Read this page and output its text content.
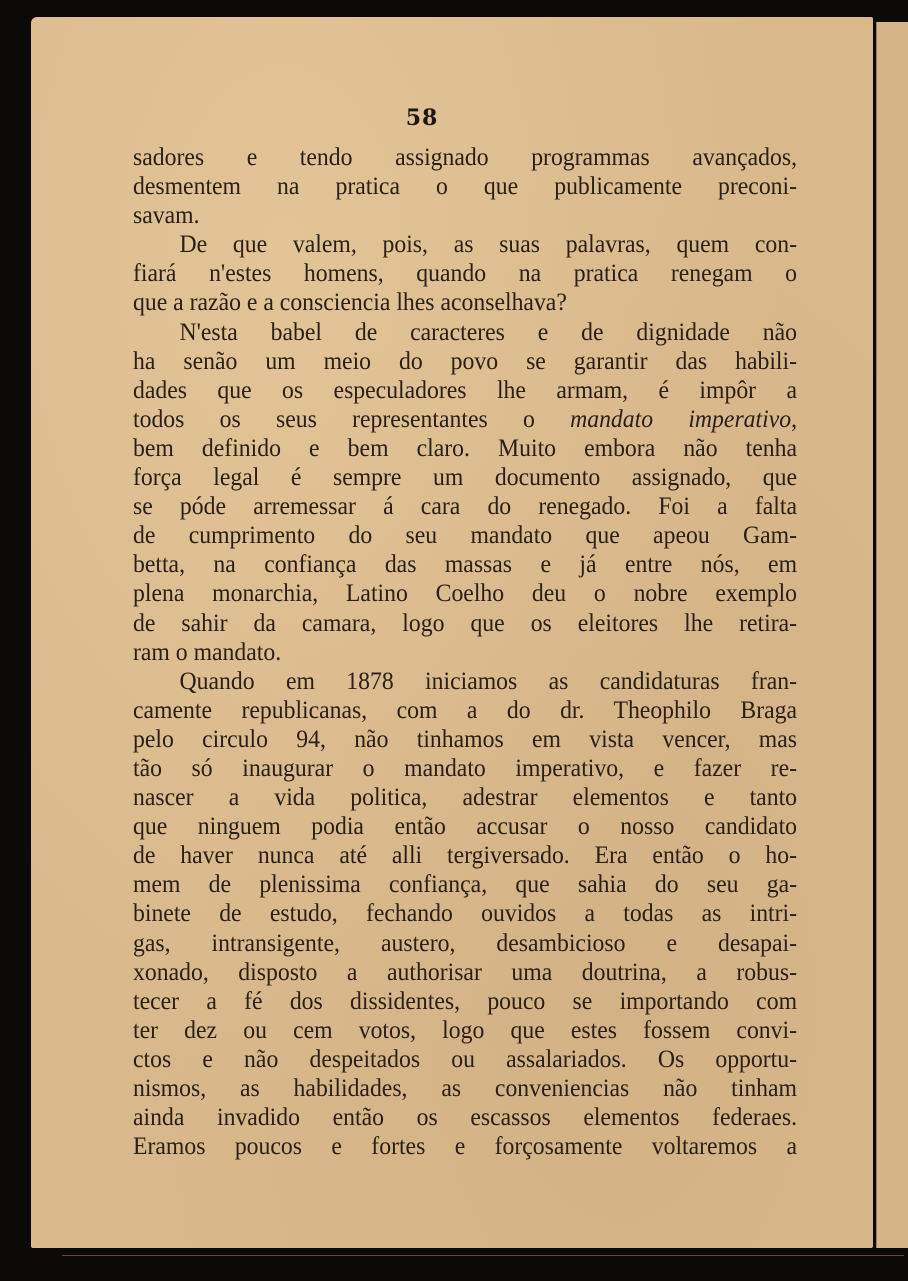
58
sadores e tendo assignado programmas avançados,
desmentem na pratica o que publicamente preconi-
savam.
De que valem, pois, as suas palavras, quem con-
fiará n'estes homens, quando na pratica renegam o
que a razão e a consciencia lhes aconselhava?
N'esta babel de caracteres e de dignidade não
ha senão um meio do povo se garantir das habili-
dades que os especuladores lhe armam, é impôr a
todos os seus representantes o mandato imperativo,
bem definido e bem claro. Muito embora não tenha
força legal é sempre um documento assignado, que
se póde arremessar á cara do renegado. Foi a falta
de cumprimento do seu mandato que apeou Gam-
betta, na confiança das massas e já entre nós, em
plena monarchia, Latino Coelho deu o nobre exemplo
de sahir da camara, logo que os eleitores lhe retira-
ram o mandato.
Quando em 1878 iniciamos as candidaturas fran-
camente republicanas, com a do dr. Theophilo Braga
pelo circulo 94, não tinhamos em vista vencer, mas
tão só inaugurar o mandato imperativo, e fazer re-
nascer a vida politica, adestrar elementos e tanto
que ninguem podia então accusar o nosso candidato
de haver nunca até alli tergiversado. Era então o ho-
mem de plenissima confiança, que sahia do seu ga-
binete de estudo, fechando ouvidos a todas as intri-
gas, intransigente, austero, desambicioso e desapai-
xonado, disposto a authorisar uma doutrina, a robus-
tecer a fé dos dissidentes, pouco se importando com
ter dez ou cem votos, logo que estes fossem convi-
ctos e não despeitados ou assalariados. Os opportu-
nismos, as habilidades, as conveniencias não tinham
ainda invadido então os escassos elementos federaes.
Eramos poucos e fortes e forçosamente voltaremos a
